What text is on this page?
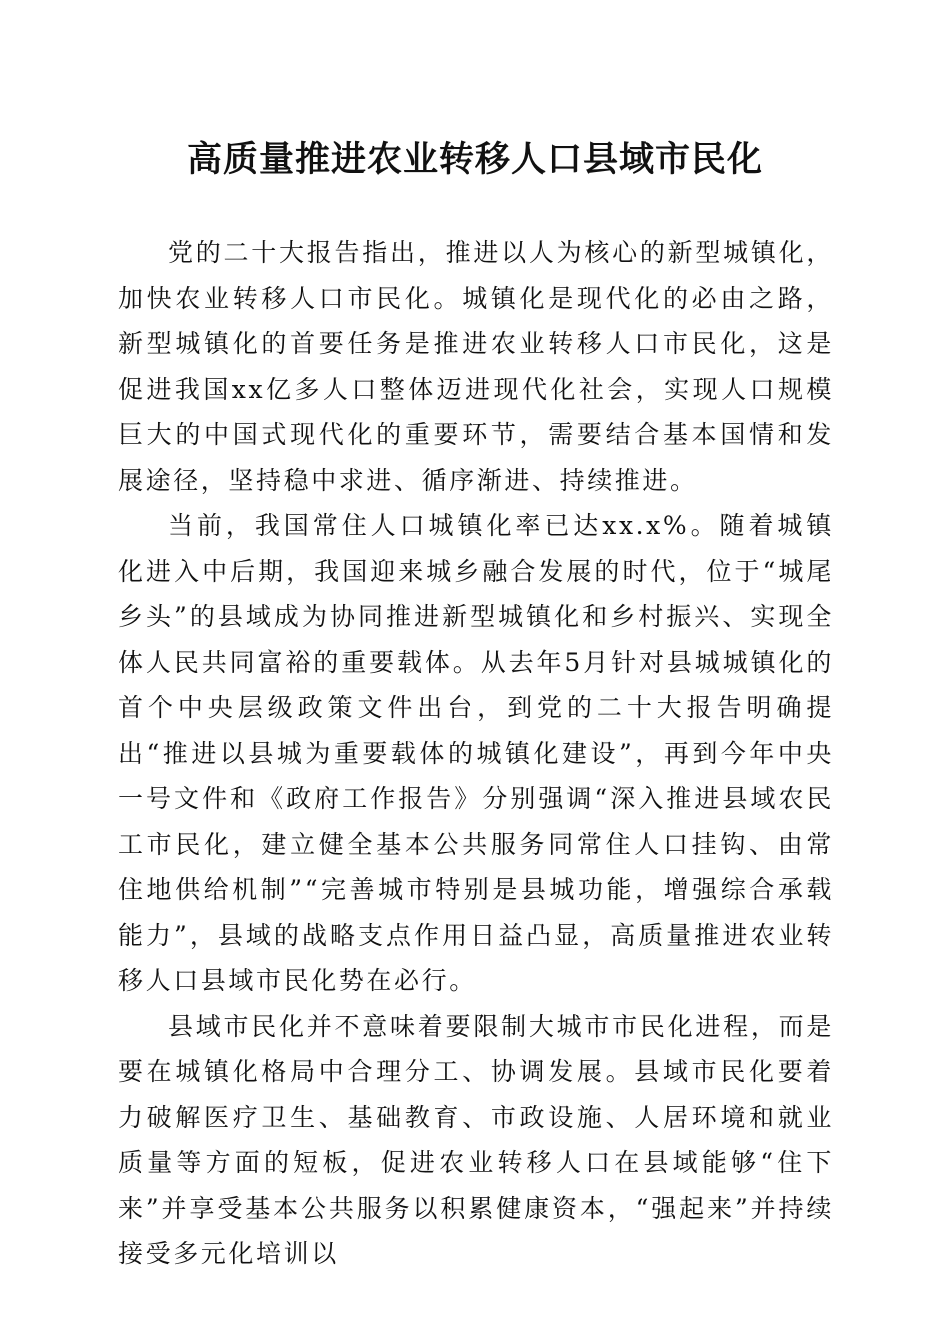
高质量推进农业转移人口县域市民化

党的二十大报告指出，推进以人为核心的新型城镇化，加快农业转移人口市民化。城镇化是现代化的必由之路，新型城镇化的首要任务是推进农业转移人口市民化，这是促进我国xx亿多人口整体迈进现代化社会，实现人口规模巨大的中国式现代化的重要环节，需要结合基本国情和发展途径，坚持稳中求进、循序渐进、持续推进。

当前，我国常住人口城镇化率已达xx.x%。随着城镇化进入中后期，我国迎来城乡融合发展的时代，位于“城尾乡头”的县域成为协同推进新型城镇化和乡村振兴、实现全体人民共同富裕的重要载体。从去年5月针对县城城镇化的首个中央层级政策文件出台，到党的二十大报告明确提出“推进以县城为重要载体的城镇化建设”，再到今年中央一号文件和《政府工作报告》分别强调“深入推进县域农民工市民化，建立健全基本公共服务同常住人口挂钩、由常住地供给机制”“完善城市特别是县城功能，增强综合承载能力”，县域的战略支点作用日益凸显，高质量推进农业转移人口县域市民化势在必行。

县域市民化并不意味着要限制大城市市民化进程，而是要在城镇化格局中合理分工、协调发展。县域市民化要着力破解医疗卫生、基础教育、市政设施、人居环境和就业质量等方面的短板，促进农业转移人口在县域能够“住下来”并享受基本公共服务以积累健康资本，“强起来”并持续接受多元化培训以
